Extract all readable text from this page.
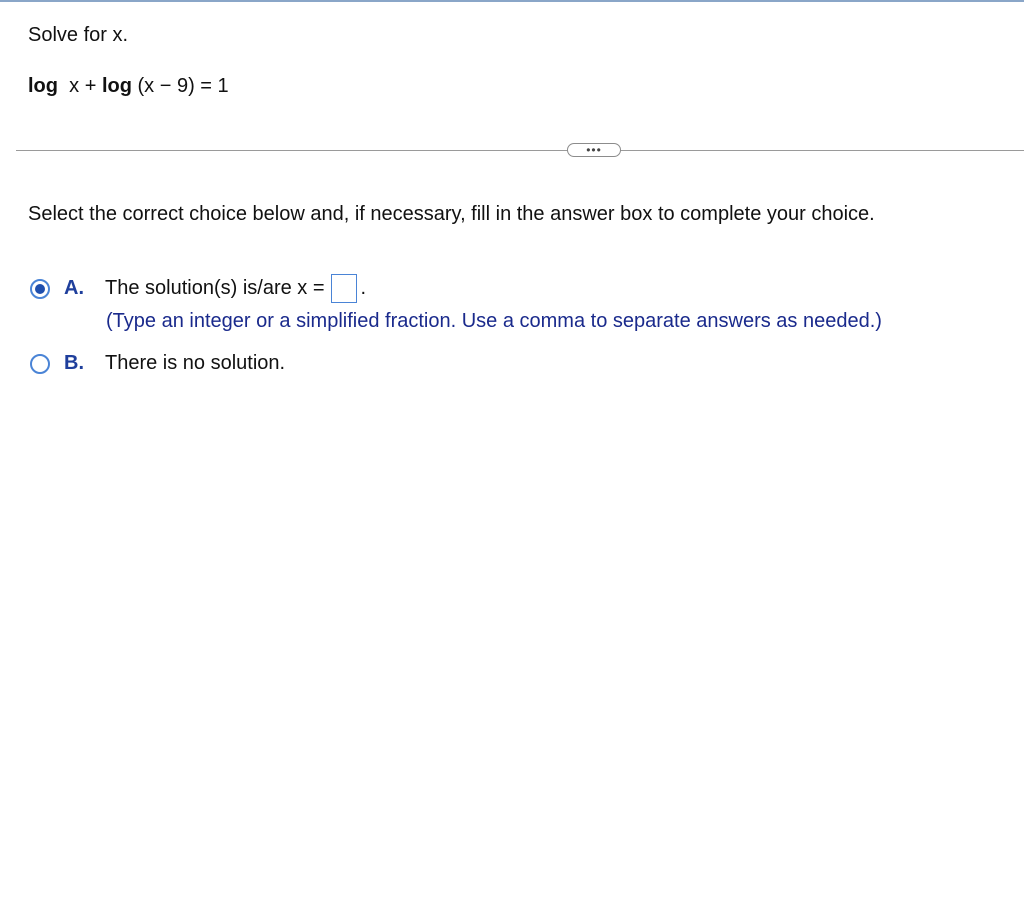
Solve for x.
log x + log (x − 9) = 1
•••
Select the correct choice below and, if necessary, fill in the answer box to complete your choice.
A.	The solution(s) is/are x = .
(Type an integer or a simplified fraction. Use a comma to separate answers as needed.)
B.	There is no solution.
